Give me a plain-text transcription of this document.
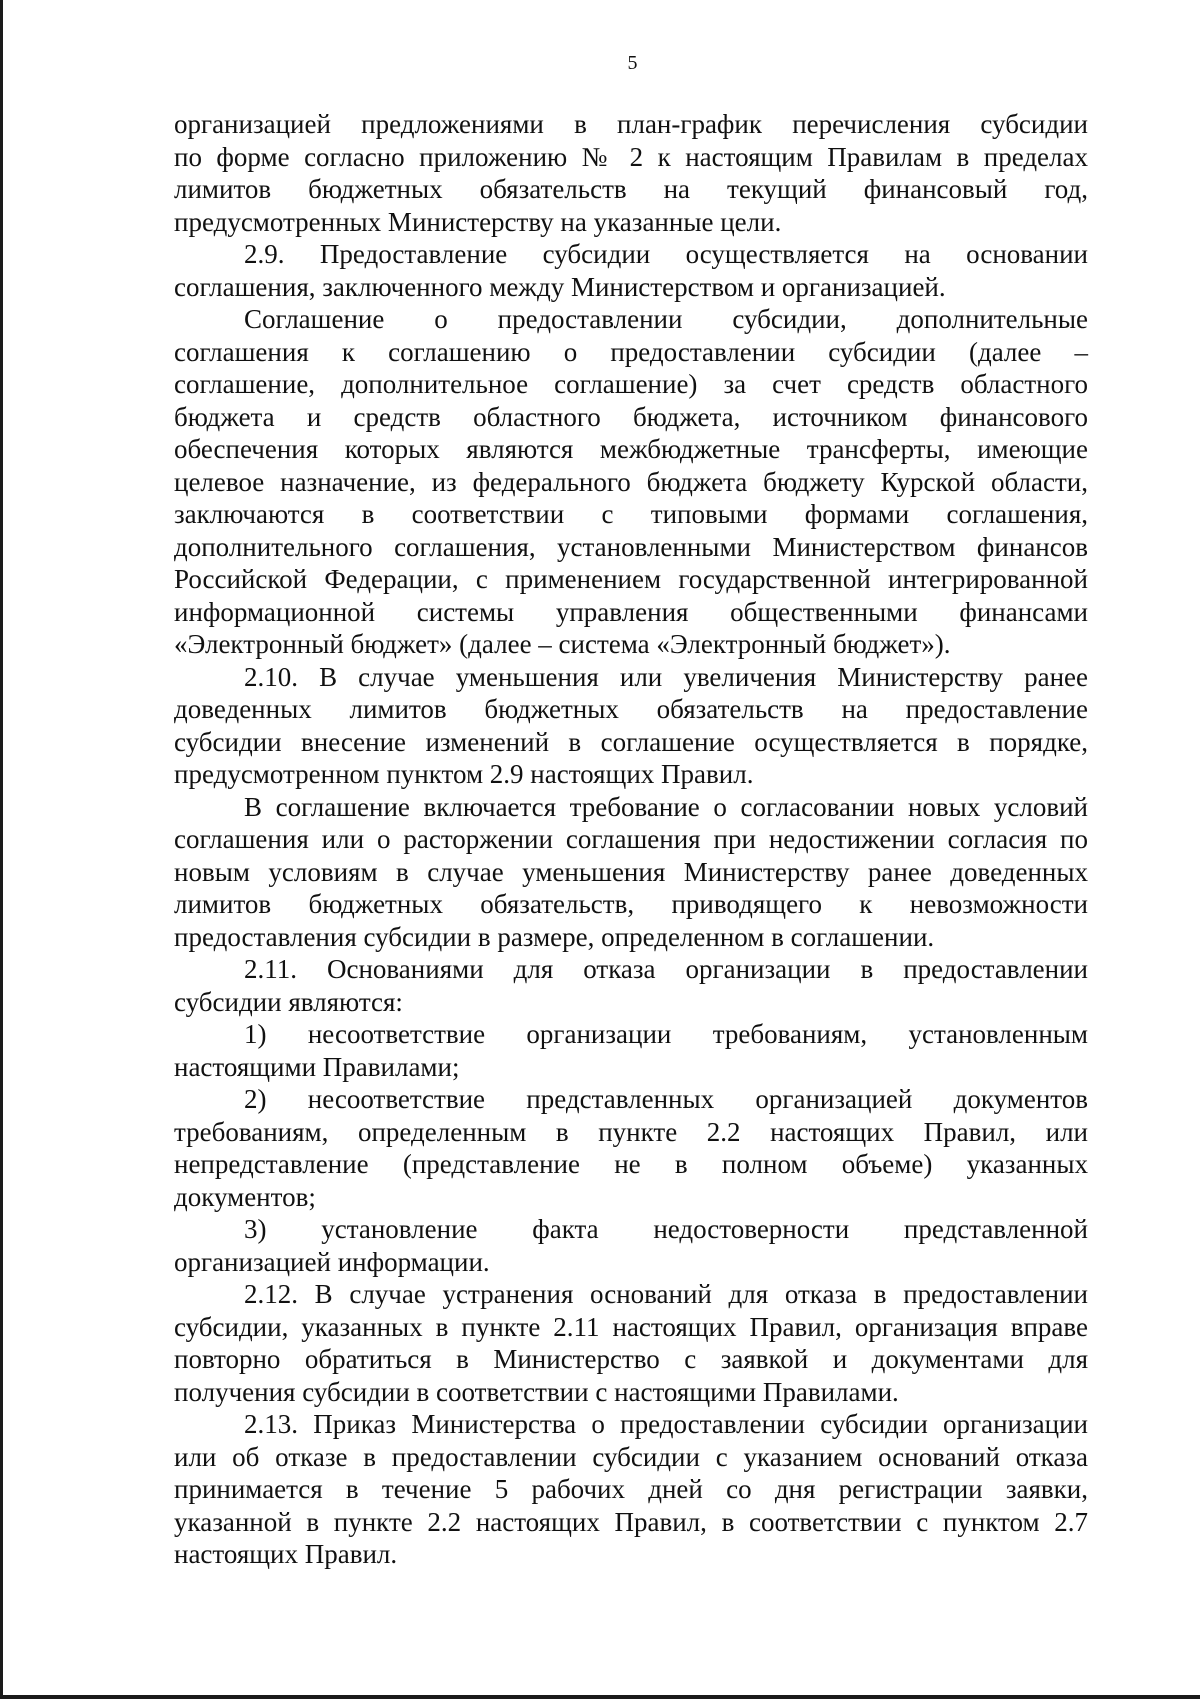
5
организацией предложениями в план-график перечисления субсидии
по форме согласно приложению № 2 к настоящим Правилам в пределах
лимитов бюджетных обязательств на текущий финансовый год,
предусмотренных Министерству на указанные цели.
2.9. Предоставление субсидии осуществляется на основании
соглашения, заключенного между Министерством и организацией.
Соглашение о предоставлении субсидии, дополнительные
соглашения к соглашению о предоставлении субсидии (далее –
соглашение, дополнительное соглашение) за счет средств областного
бюджета и средств областного бюджета, источником финансового
обеспечения которых являются межбюджетные трансферты, имеющие
целевое назначение, из федерального бюджета бюджету Курской области,
заключаются в соответствии с типовыми формами соглашения,
дополнительного соглашения, установленными Министерством финансов
Российской Федерации, с применением государственной интегрированной
информационной системы управления общественными финансами
«Электронный бюджет» (далее – система «Электронный бюджет»).
2.10. В случае уменьшения или увеличения Министерству ранее
доведенных лимитов бюджетных обязательств на предоставление
субсидии внесение изменений в соглашение осуществляется в порядке,
предусмотренном пунктом 2.9 настоящих Правил.
В соглашение включается требование о согласовании новых условий
соглашения или о расторжении соглашения при недостижении согласия по
новым условиям в случае уменьшения Министерству ранее доведенных
лимитов бюджетных обязательств, приводящего к невозможности
предоставления субсидии в размере, определенном в соглашении.
2.11. Основаниями для отказа организации в предоставлении
субсидии являются:
1) несоответствие организации требованиям, установленным
настоящими Правилами;
2) несоответствие представленных организацией документов
требованиям, определенным в пункте 2.2 настоящих Правил, или
непредставление (представление не в полном объеме) указанных
документов;
3) установление факта недостоверности представленной
организацией информации.
2.12. В случае устранения оснований для отказа в предоставлении
субсидии, указанных в пункте 2.11 настоящих Правил, организация вправе
повторно обратиться в Министерство с заявкой и документами для
получения субсидии в соответствии с настоящими Правилами.
2.13. Приказ Министерства о предоставлении субсидии организации
или об отказе в предоставлении субсидии с указанием оснований отказа
принимается в течение 5 рабочих дней со дня регистрации заявки,
указанной в пункте 2.2 настоящих Правил, в соответствии с пунктом 2.7
настоящих Правил.
